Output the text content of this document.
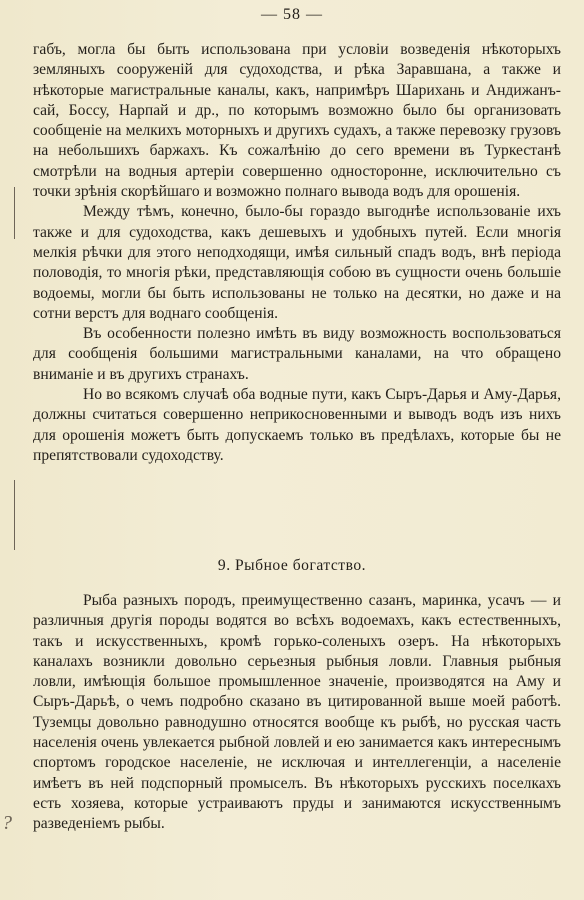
— 58 —
?

габъ, могла бы быть использована при условіи возведенія нѣкоторыхъ земляныхъ сооруженій для судоходства, и рѣка Заравшана, а также и нѣкоторые магистральные каналы, какъ, напримѣръ Шарихань и Андижанъ-сай, Боссу, Нарпай и др., по которымъ возможно было бы организовать сообщеніе на мелкихъ моторныхъ и другихъ судахъ, а также перевозку грузовъ на небольшихъ баржахъ. Къ сожалѣнію до сего времени въ Туркестанѣ смотрѣли на водныя артеріи совершенно односторонне, исключительно съ точки зрѣнія скорѣйшаго и возможно полнаго вывода водъ для орошенія.

Между тѣмъ, конечно, было-бы гораздо выгоднѣе использованіе ихъ также и для судоходства, какъ дешевыхъ и удобныхъ путей. Если многія мелкія рѣчки для этого неподходящи, имѣя сильный спадъ водъ, внѣ періода половодія, то многія рѣки, представляющія собою въ сущности очень большіе водоемы, могли бы быть использованы не только на десятки, но даже и на сотни верстъ для воднаго сообщенія.

Въ особенности полезно имѣть въ виду возможность воспользоваться для сообщенія большими магистральными каналами, на что обращено вниманіе и въ другихъ странахъ.

Но во всякомъ случаѣ оба водные пути, какъ Сыръ-Дарья и Аму-Дарья, должны считаться совершенно неприкосновенными и выводъ водъ изъ нихъ для орошенія можетъ быть допускаемъ только въ предѣлахъ, которые бы не препятствовали судоходству.

9. Рыбное богатство.

Рыба разныхъ породъ, преимущественно сазанъ, маринка, усачъ — и различныя другія породы водятся во всѣхъ водоемахъ, какъ естественныхъ, такъ и искусственныхъ, кромѣ горько-соленыхъ озеръ. На нѣкоторыхъ каналахъ возникли довольно серьезныя рыбныя ловли. Главныя рыбныя ловли, имѣющія большое промышленное значеніе, производятся на Аму и Сыръ-Дарьѣ, о чемъ подробно сказано въ цитированной выше моей работѣ. Туземцы довольно равнодушно относятся вообще къ рыбѣ, но русская часть населенія очень увлекается рыбной ловлей и ею занимается какъ интереснымъ спортомъ городское населеніе, не исключая и интеллегенціи, а населеніе имѣетъ въ ней подспорный промыселъ. Въ нѣкоторыхъ русскихъ поселкахъ есть хозяева, которые устраиваютъ пруды и занимаются искусственнымъ разведеніемъ рыбы.
